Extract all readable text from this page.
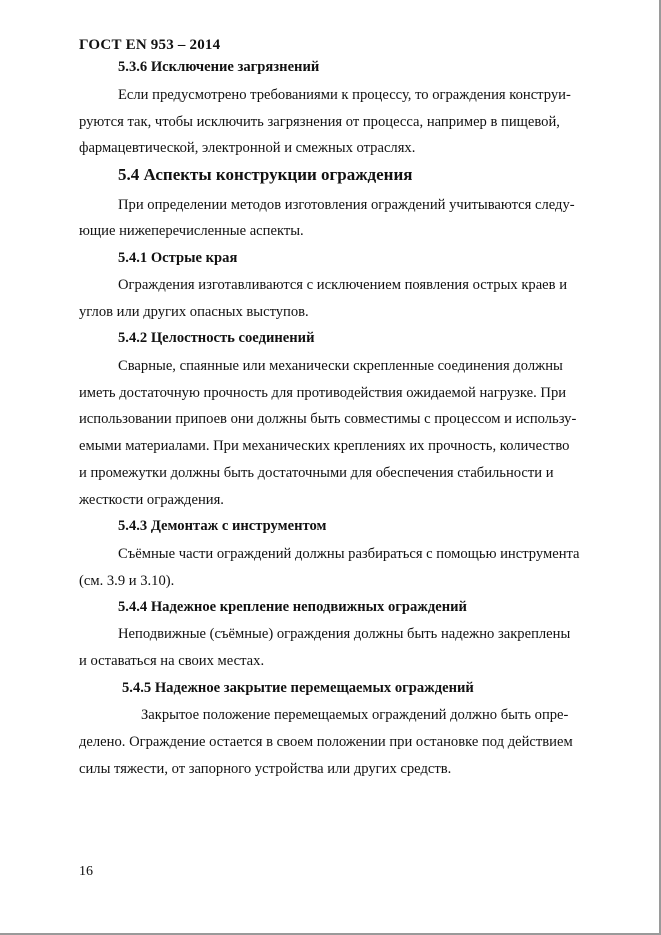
ГОСТ EN 953 – 2014
5.3.6 Исключение загрязнений
Если предусмотрено требованиями к процессу, то ограждения конструи-
руются так, чтобы исключить загрязнения от процесса, например в пищевой,
фармацевтической, электронной и смежных отраслях.
5.4 Аспекты конструкции ограждения
При определении методов изготовления ограждений учитываются следу-
ющие нижеперечисленные аспекты.
5.4.1 Острые края
Ограждения изготавливаются с исключением появления острых краев и
углов или других опасных выступов.
5.4.2 Целостность соединений
Сварные, спаянные или механически скрепленные соединения должны
иметь достаточную прочность для противодействия ожидаемой нагрузке. При
использовании припоев они должны быть совместимы с процессом и использу-
емыми материалами. При механических креплениях их прочность, количество
и промежутки должны быть достаточными для обеспечения стабильности и
жесткости ограждения.
5.4.3 Демонтаж с инструментом
Съёмные части ограждений должны разбираться с помощью инструмента
(см. 3.9 и 3.10).
5.4.4 Надежное крепление неподвижных ограждений
Неподвижные (съёмные) ограждения должны быть надежно закреплены
и оставаться на своих местах.
5.4.5 Надежное закрытие перемещаемых ограждений
Закрытое положение перемещаемых ограждений должно быть опре-
делено. Ограждение остается в своем положении при остановке под действием
силы тяжести, от запорного устройства или других средств.
16
